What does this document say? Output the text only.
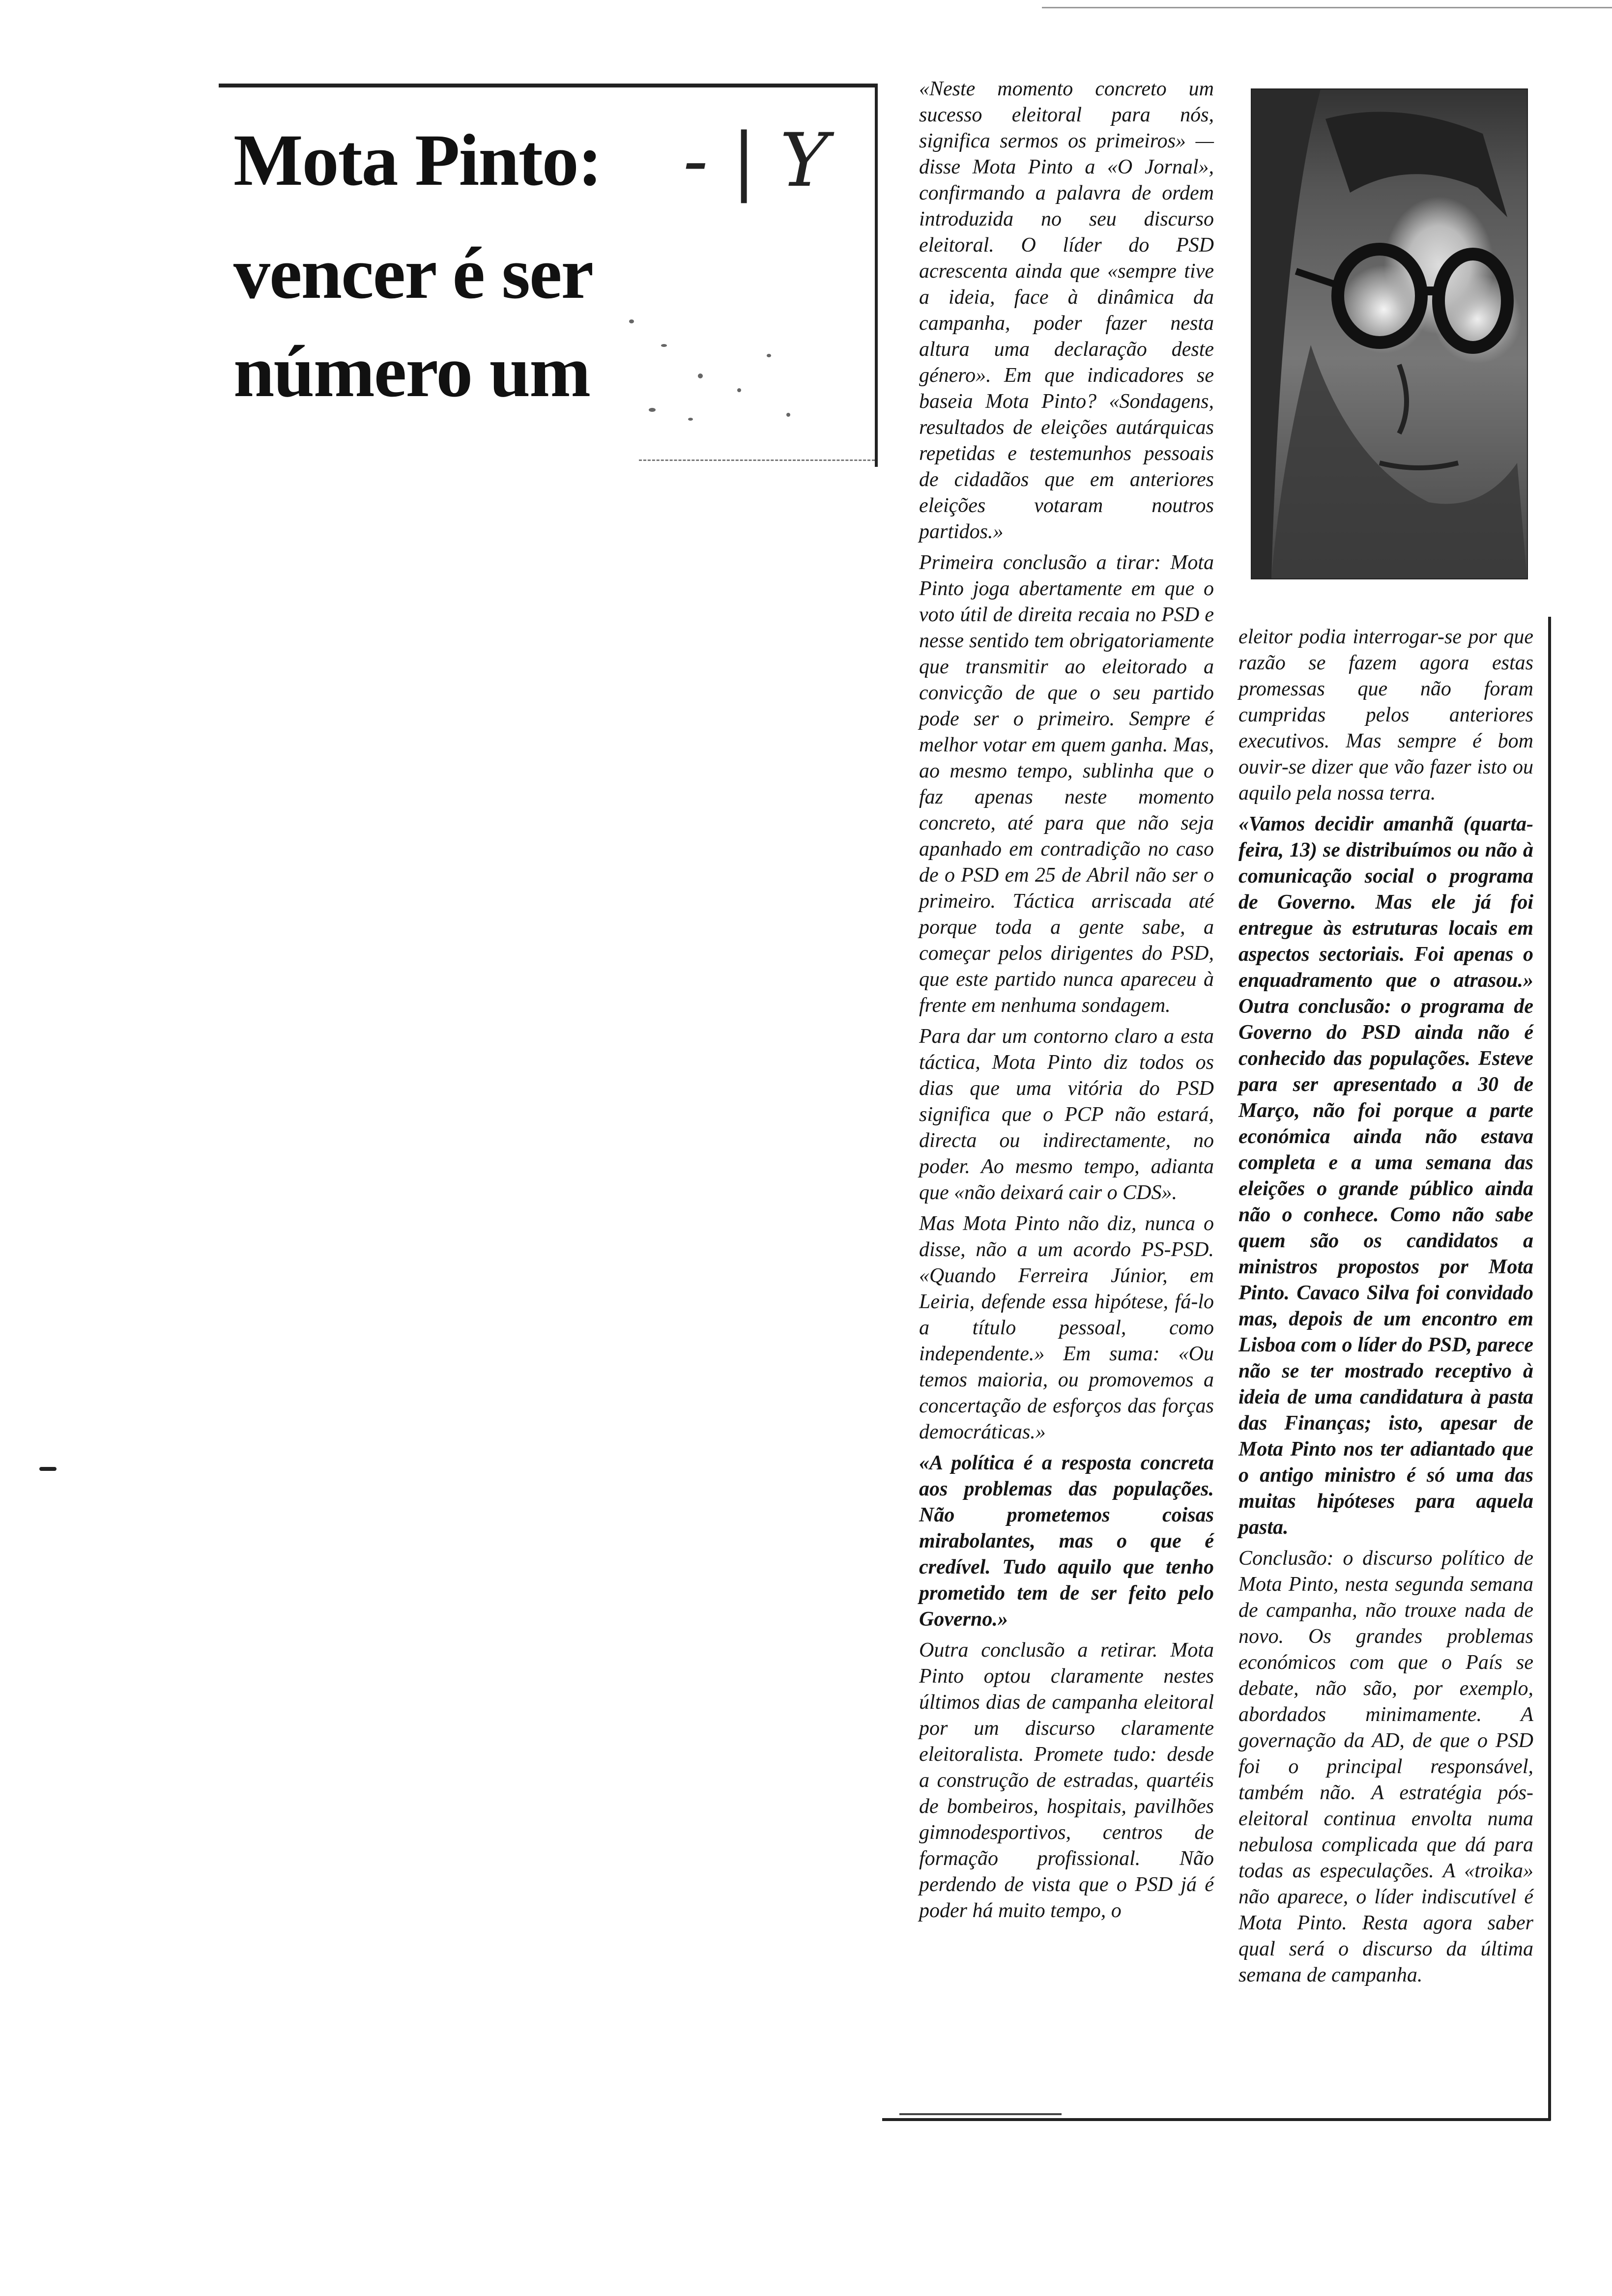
Mota Pinto:
vencer é ser
número um
- | Y

«Neste momento concreto um sucesso eleitoral para nós, significa sermos os primeiros» — disse Mota Pinto a «O Jornal», confirmando a palavra de ordem introduzida no seu discurso eleitoral. O líder do PSD acrescenta ainda que «sempre tive a ideia, face à dinâmica da campanha, poder fazer nesta altura uma declaração deste género». Em que indicadores se baseia Mota Pinto? «Sondagens, resultados de eleições autárquicas repetidas e testemunhos pessoais de cidadãos que em anteriores eleições votaram noutros partidos.»

Primeira conclusão a tirar: Mota Pinto joga abertamente em que o voto útil de direita recaia no PSD e nesse sentido tem obrigatoriamente que transmitir ao eleitorado a convicção de que o seu partido pode ser o primeiro. Sempre é melhor votar em quem ganha. Mas, ao mesmo tempo, sublinha que o faz apenas neste momento concreto, até para que não seja apanhado em contradição no caso de o PSD em 25 de Abril não ser o primeiro. Táctica arriscada até porque toda a gente sabe, a começar pelos dirigentes do PSD, que este partido nunca apareceu à frente em nenhuma sondagem.

Para dar um contorno claro a esta táctica, Mota Pinto diz todos os dias que uma vitória do PSD significa que o PCP não estará, directa ou indirectamente, no poder. Ao mesmo tempo, adianta que «não deixará cair o CDS».

Mas Mota Pinto não diz, nunca o disse, não a um acordo PS-PSD. «Quando Ferreira Júnior, em Leiria, defende essa hipótese, fá-lo a título pessoal, como independente.» Em suma: «Ou temos maioria, ou promovemos a concertação de esforços das forças democráticas.»

«A política é a resposta concreta aos problemas das populações. Não prometemos coisas mirabolantes, mas o que é credível. Tudo aquilo que tenho prometido tem de ser feito pelo Governo.»

Outra conclusão a retirar. Mota Pinto optou claramente nestes últimos dias de campanha eleitoral por um discurso claramente eleitoralista. Promete tudo: desde a construção de estradas, quartéis de bombeiros, hospitais, pavilhões gimnodesportivos, centros de formação profissional. Não perdendo de vista que o PSD já é poder há muito tempo, o

eleitor podia interrogar-se por que razão se fazem agora estas promessas que não foram cumpridas pelos anteriores executivos. Mas sempre é bom ouvir-se dizer que vão fazer isto ou aquilo pela nossa terra.

«Vamos decidir amanhã (quarta-feira, 13) se distribuímos ou não à comunicação social o programa de Governo. Mas ele já foi entregue às estruturas locais em aspectos sectoriais. Foi apenas o enquadramento que o atrasou.» Outra conclusão: o programa de Governo do PSD ainda não é conhecido das populações. Esteve para ser apresentado a 30 de Março, não foi porque a parte económica ainda não estava completa e a uma semana das eleições o grande público ainda não o conhece. Como não sabe quem são os candidatos a ministros propostos por Mota Pinto. Cavaco Silva foi convidado mas, depois de um encontro em Lisboa com o líder do PSD, parece não se ter mostrado receptivo à ideia de uma candidatura à pasta das Finanças; isto, apesar de Mota Pinto nos ter adiantado que o antigo ministro é só uma das muitas hipóteses para aquela pasta.

Conclusão: o discurso político de Mota Pinto, nesta segunda semana de campanha, não trouxe nada de novo. Os grandes problemas económicos com que o País se debate, não são, por exemplo, abordados minimamente. A governação da AD, de que o PSD foi o principal responsável, também não. A estratégia pós-eleitoral continua envolta numa nebulosa complicada que dá para todas as especulações. A «troika» não aparece, o líder indiscutível é Mota Pinto. Resta agora saber qual será o discurso da última semana de campanha.
